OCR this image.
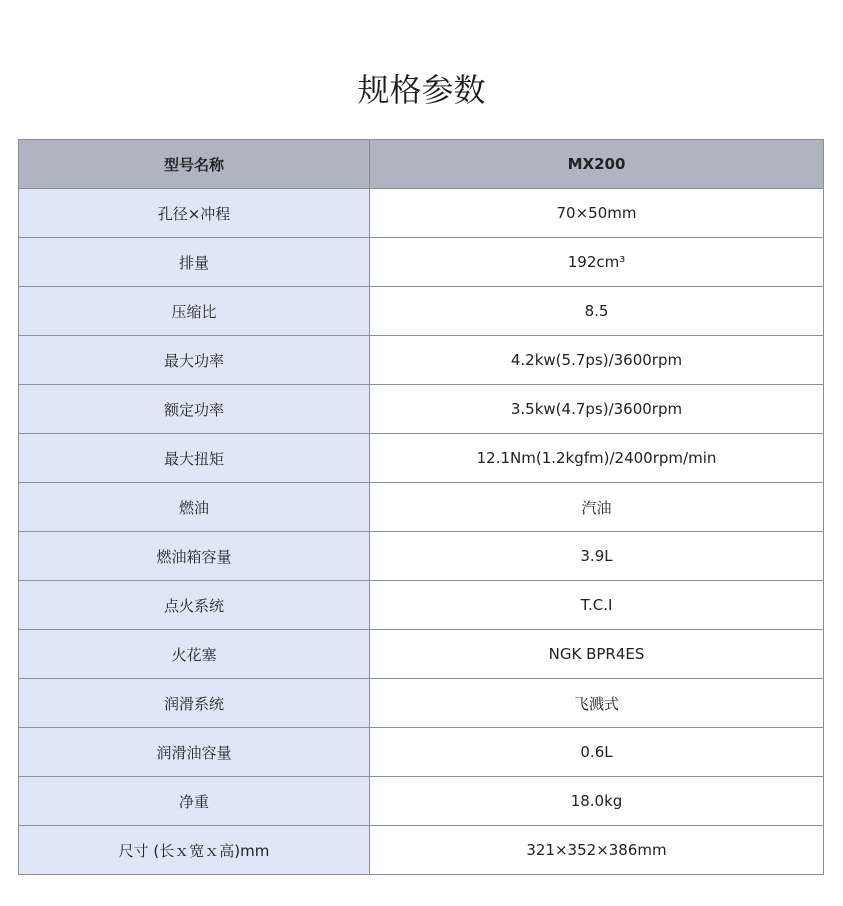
规格参数
型号名称	MX200
孔径×冲程	70×50mm
排量	192cm³
压缩比	8.5
最大功率	4.2kw(5.7ps)/3600rpm
额定功率	3.5kw(4.7ps)/3600rpm
最大扭矩	12.1Nm(1.2kgfm)/2400rpm/min
燃油	汽油
燃油箱容量	3.9L
点火系统	T.C.I
火花塞	NGK BPR4ES
润滑系统	飞溅式
润滑油容量	0.6L
净重	18.0kg
尺寸 (长ｘ宽ｘ高)mm	321×352×386mm
